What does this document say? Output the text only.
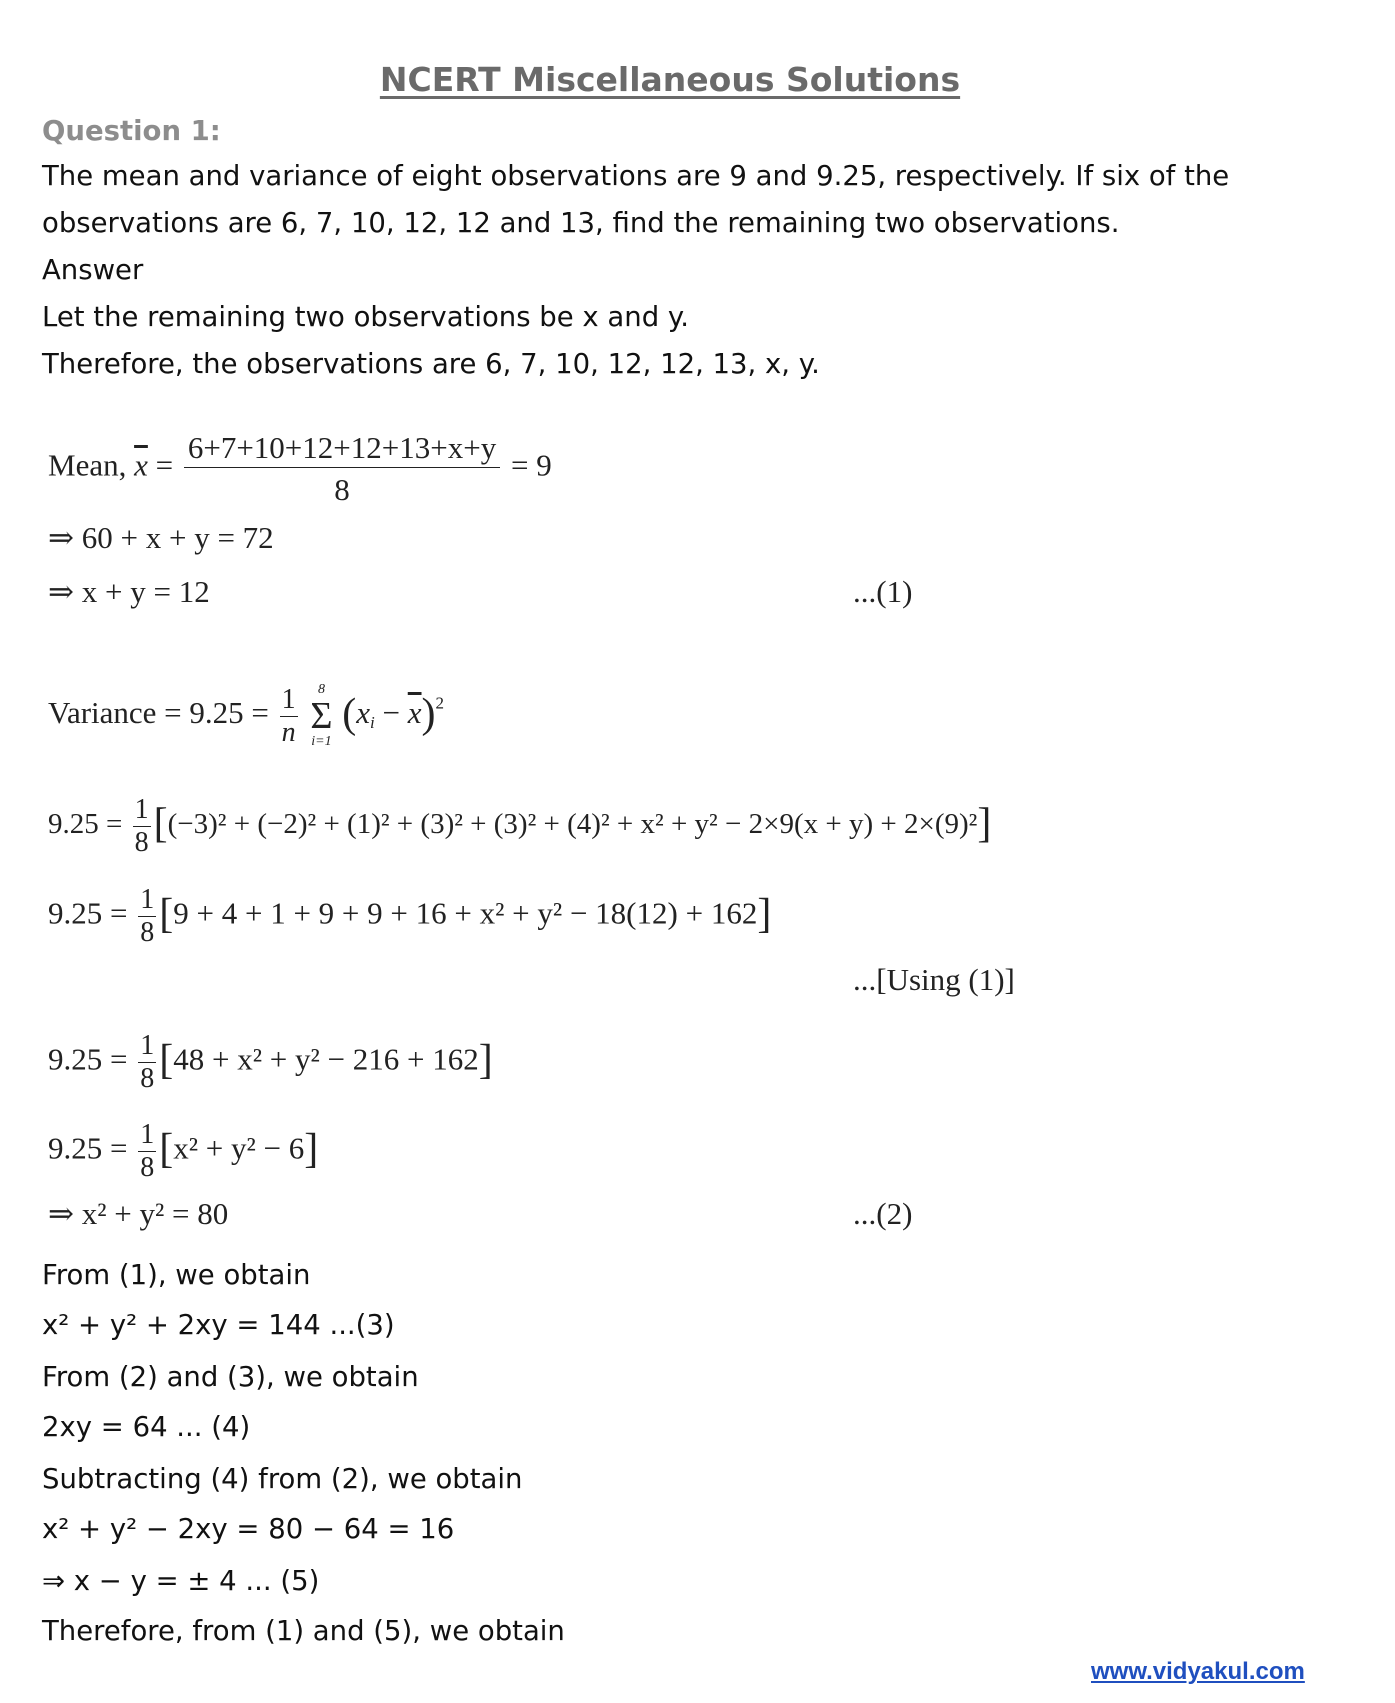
NCERT Miscellaneous Solutions
Question 1:
The mean and variance of eight observations are 9 and 9.25, respectively. If six of the
observations are 6, 7, 10, 12, 12 and 13, find the remaining two observations.
Answer
Let the remaining two observations be x and y.
Therefore, the observations are 6, 7, 10, 12, 12, 13, x, y.
Mean, $\overline{x} = \frac{6+7+10+12+12+13+x+y}{8} = 9$
⇒ 60 + x + y = 72
⇒ x + y = 12	...(1)
Variance = $9.25 = \frac{1}{n}$
	8
Σ
i=1
$(x_i - \overline{x})^2$
$9.25 = \frac{1}{8} [(-3)^2 + (-2)^2 + (1)^2 + (3)^2 + (3)^2 + (4)^2 + x^2 + y^2 - 2\times 9(x + y) + 2\times(9)^2]$
$9.25 = \frac{1}{8} [9 + 4 + 1 + 9 + 9 + 16 + x^2 + y^2 - 18(12) + 162]$
...[Using (1)]
$9.25 = \frac{1}{8} [48 + x^2 + y^2 - 216 + 162]$
$9.25 = \frac{1}{8} [x^2 + y^2 - 6]$
⇒ x² + y² = 80	...(2)
From (1), we obtain
x² + y² + 2xy = 144 ...(3)
From (2) and (3), we obtain
2xy = 64 ... (4)
Subtracting (4) from (2), we obtain
x² + y² − 2xy = 80 − 64 = 16
⇒ x − y = ± 4 ... (5)
Therefore, from (1) and (5), we obtain
www.vidyakul.com
